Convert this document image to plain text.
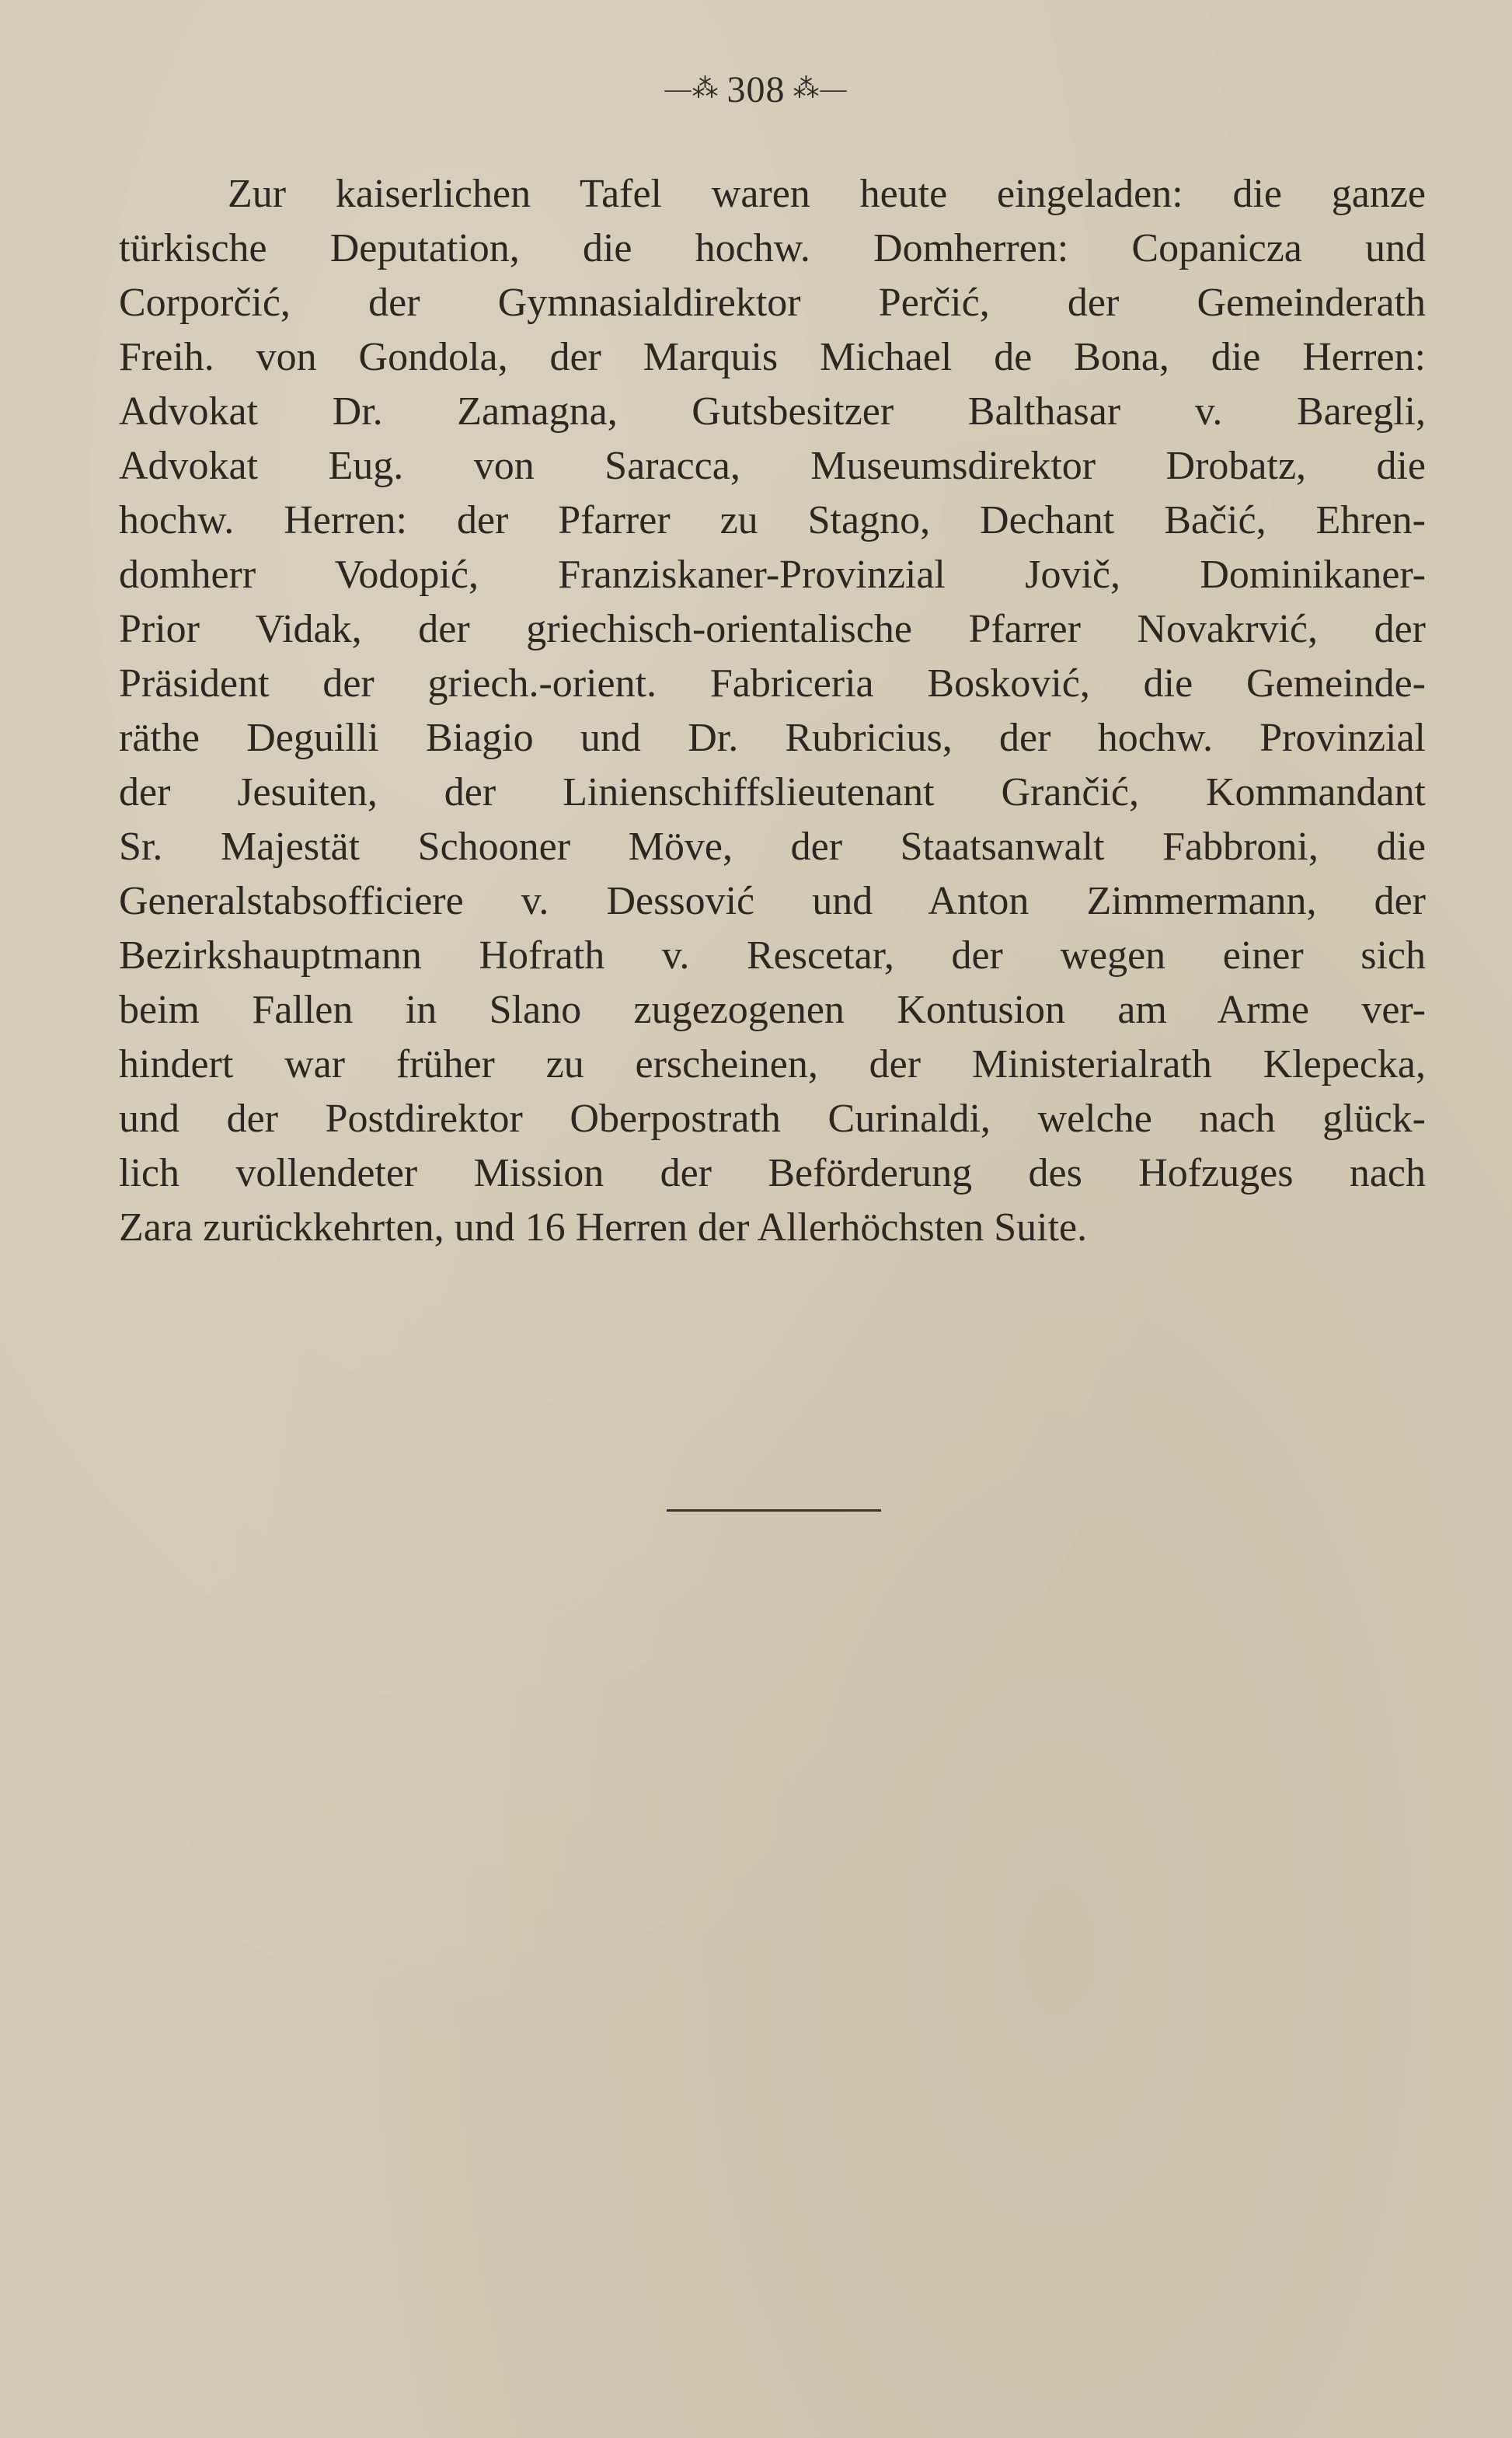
—⁂ 308 ⁂—
Zur kaiserlichen Tafel waren heute eingeladen: die ganze
türkische Deputation, die hochw. Domherren: Copanicza und
Corporčić, der Gymnasialdirektor Perčić, der Gemeinderath
Freih. von Gondola, der Marquis Michael de Bona, die Herren:
Advokat Dr. Zamagna, Gutsbesitzer Balthasar v. Baregli,
Advokat Eug. von Saracca, Museumsdirektor Drobatz, die
hochw. Herren: der Pfarrer zu Stagno, Dechant Bačić, Ehren-
domherr Vodopić, Franziskaner-Provinzial Jovič, Dominikaner-
Prior Vidak, der griechisch-orientalische Pfarrer Novakrvić, der
Präsident der griech.-orient. Fabriceria Bosković, die Gemeinde-
räthe Deguilli Biagio und Dr. Rubricius, der hochw. Provinzial
der Jesuiten, der Linienschiffslieutenant Grančić, Kommandant
Sr. Majestät Schooner Möve, der Staatsanwalt Fabbroni, die
Generalstabsofficiere v. Dessović und Anton Zimmermann, der
Bezirkshauptmann Hofrath v. Rescetar, der wegen einer sich
beim Fallen in Slano zugezogenen Kontusion am Arme ver-
hindert war früher zu erscheinen, der Ministerialrath Klepecka,
und der Postdirektor Oberpostrath Curinaldi, welche nach glück-
lich vollendeter Mission der Beförderung des Hofzuges nach
Zara zurückkehrten, und 16 Herren der Allerhöchsten Suite.
